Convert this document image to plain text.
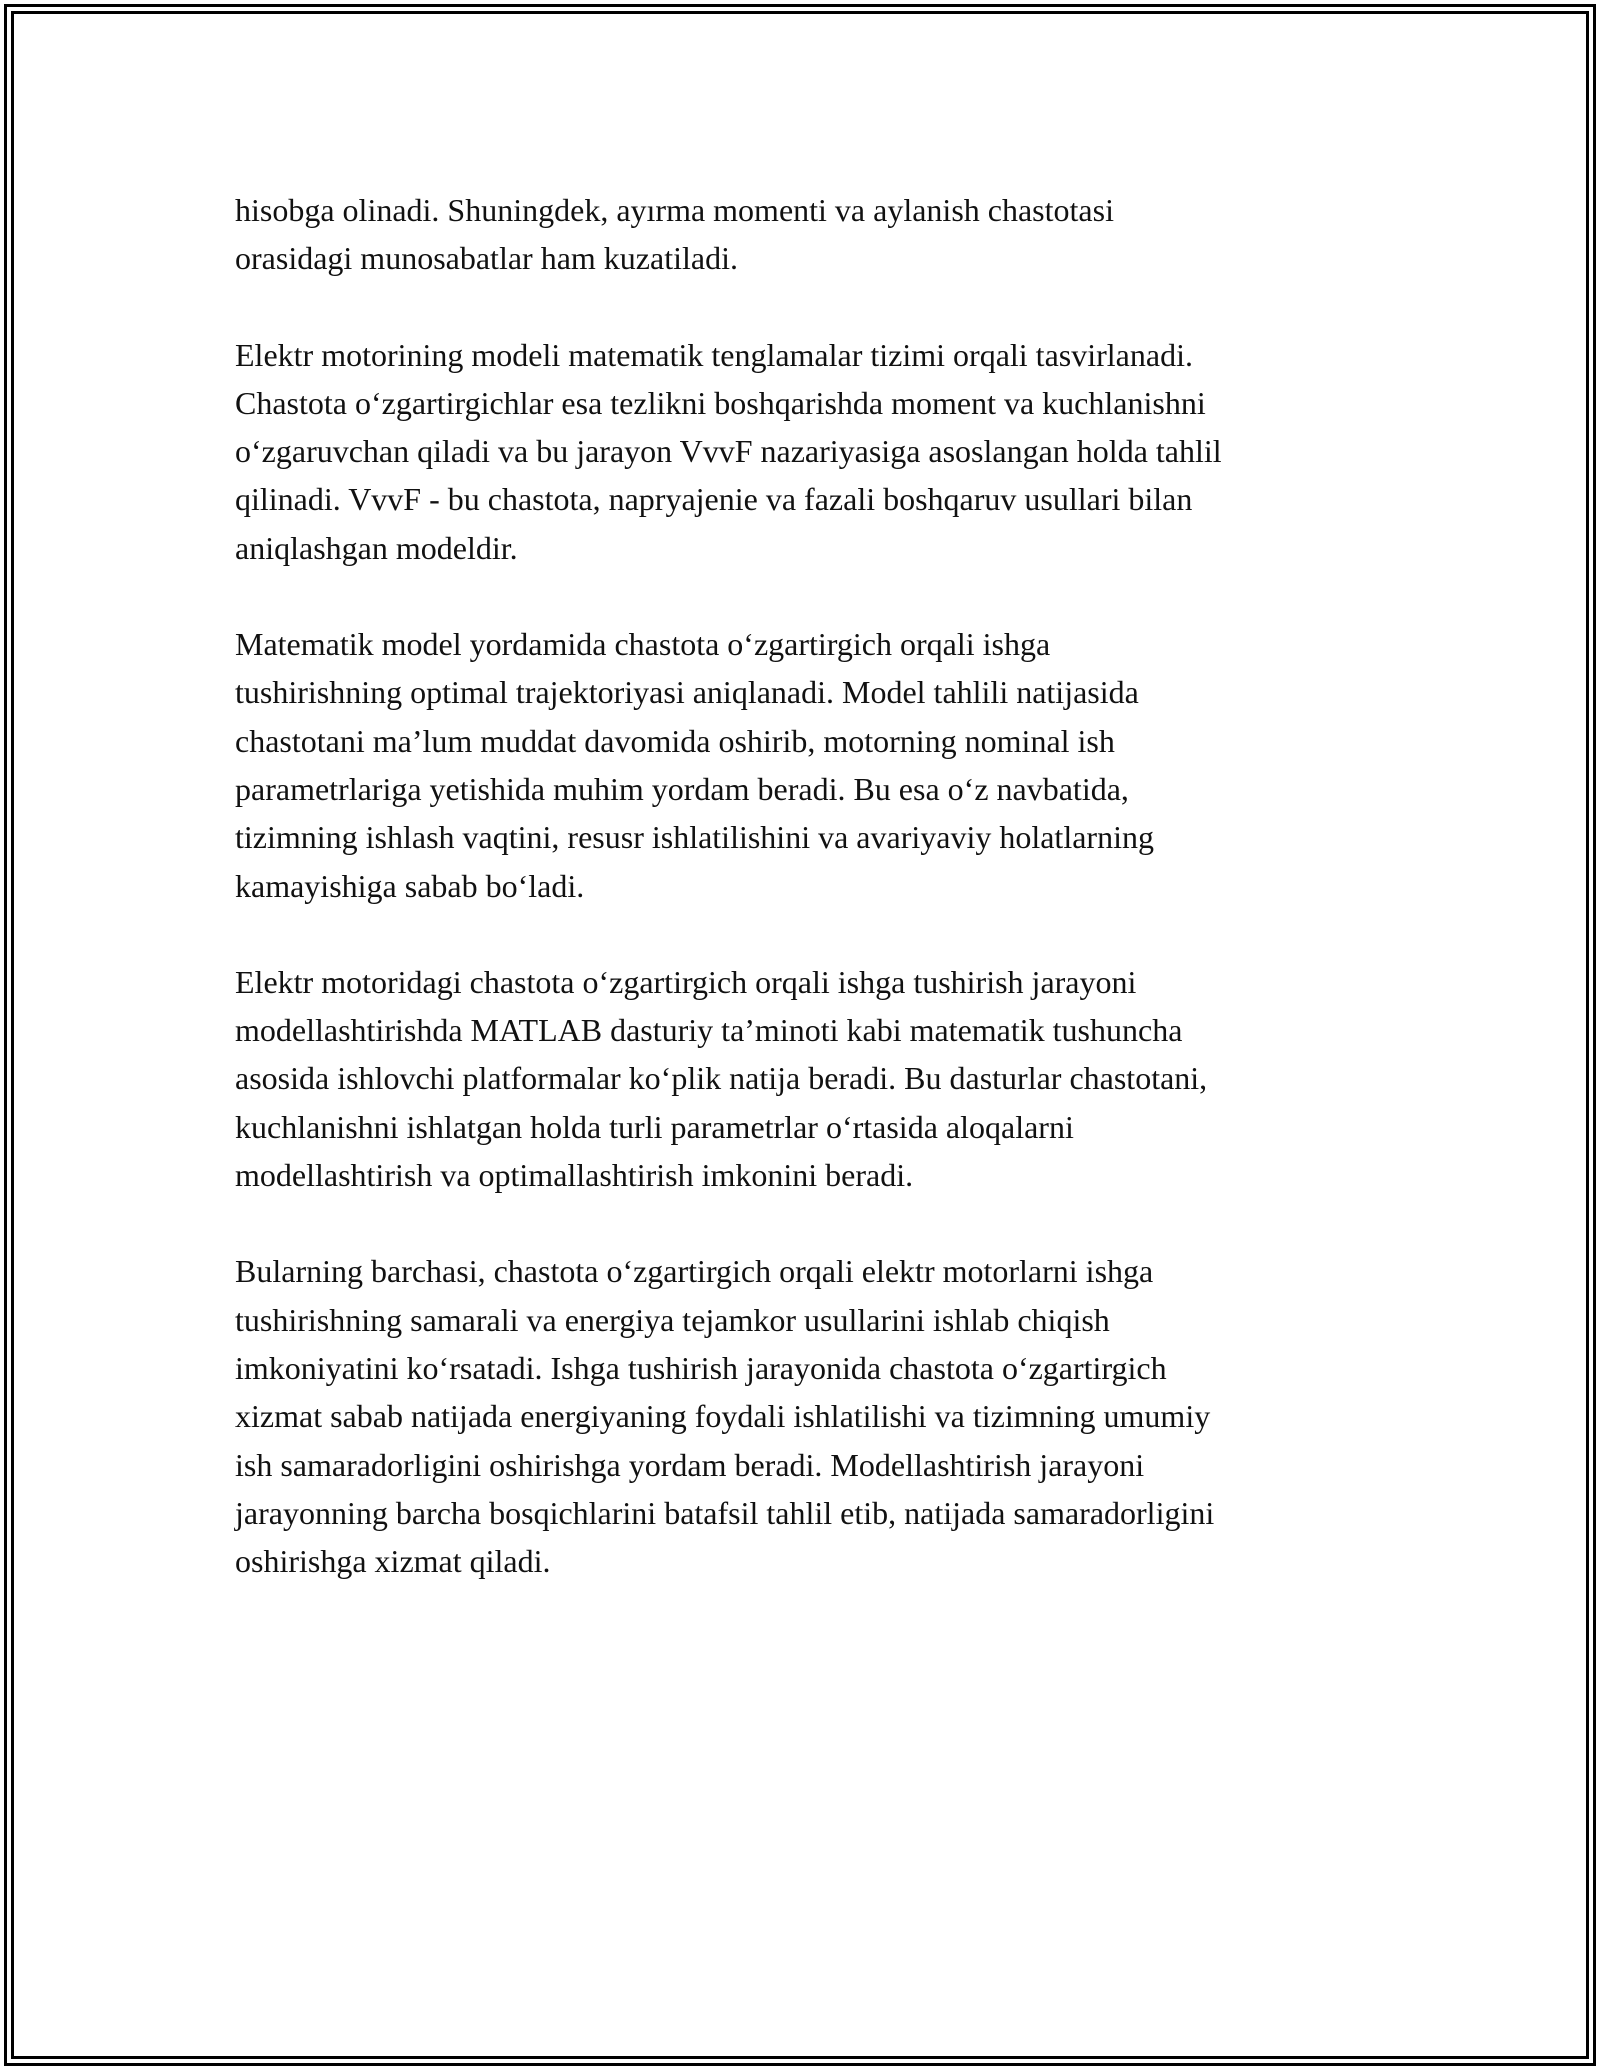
hisobga olinadi. Shuningdek, ayırma momenti va aylanish chastotasi
orasidagi munosabatlar ham kuzatiladi.

Elektr motorining modeli matematik tenglamalar tizimi orqali tasvirlanadi.
Chastota o‘zgartirgichlar esa tezlikni boshqarishda moment va kuchlanishni
o‘zgaruvchan qiladi va bu jarayon VvvF nazariyasiga asoslangan holda tahlil
qilinadi. VvvF - bu chastota, napryajenie va fazali boshqaruv usullari bilan
aniqlashgan modeldir.

Matematik model yordamida chastota o‘zgartirgich orqali ishga
tushirishning optimal trajektoriyasi aniqlanadi. Model tahlili natijasida
chastotani ma’lum muddat davomida oshirib, motorning nominal ish
parametrlariga yetishida muhim yordam beradi. Bu esa o‘z navbatida,
tizimning ishlash vaqtini, resusr ishlatilishini va avariyaviy holatlarning
kamayishiga sabab bo‘ladi.

Elektr motoridagi chastota o‘zgartirgich orqali ishga tushirish jarayoni
modellashtirishda MATLAB dasturiy ta’minoti kabi matematik tushuncha
asosida ishlovchi platformalar ko‘plik natija beradi. Bu dasturlar chastotani,
kuchlanishni ishlatgan holda turli parametrlar o‘rtasida aloqalarni
modellashtirish va optimallashtirish imkonini beradi.

Bularning barchasi, chastota o‘zgartirgich orqali elektr motorlarni ishga
tushirishning samarali va energiya tejamkor usullarini ishlab chiqish
imkoniyatini ko‘rsatadi. Ishga tushirish jarayonida chastota o‘zgartirgich
xizmat sabab natijada energiyaning foydali ishlatilishi va tizimning umumiy
ish samaradorligini oshirishga yordam beradi. Modellashtirish jarayoni
jarayonning barcha bosqichlarini batafsil tahlil etib, natijada samaradorligini
oshirishga xizmat qiladi.
